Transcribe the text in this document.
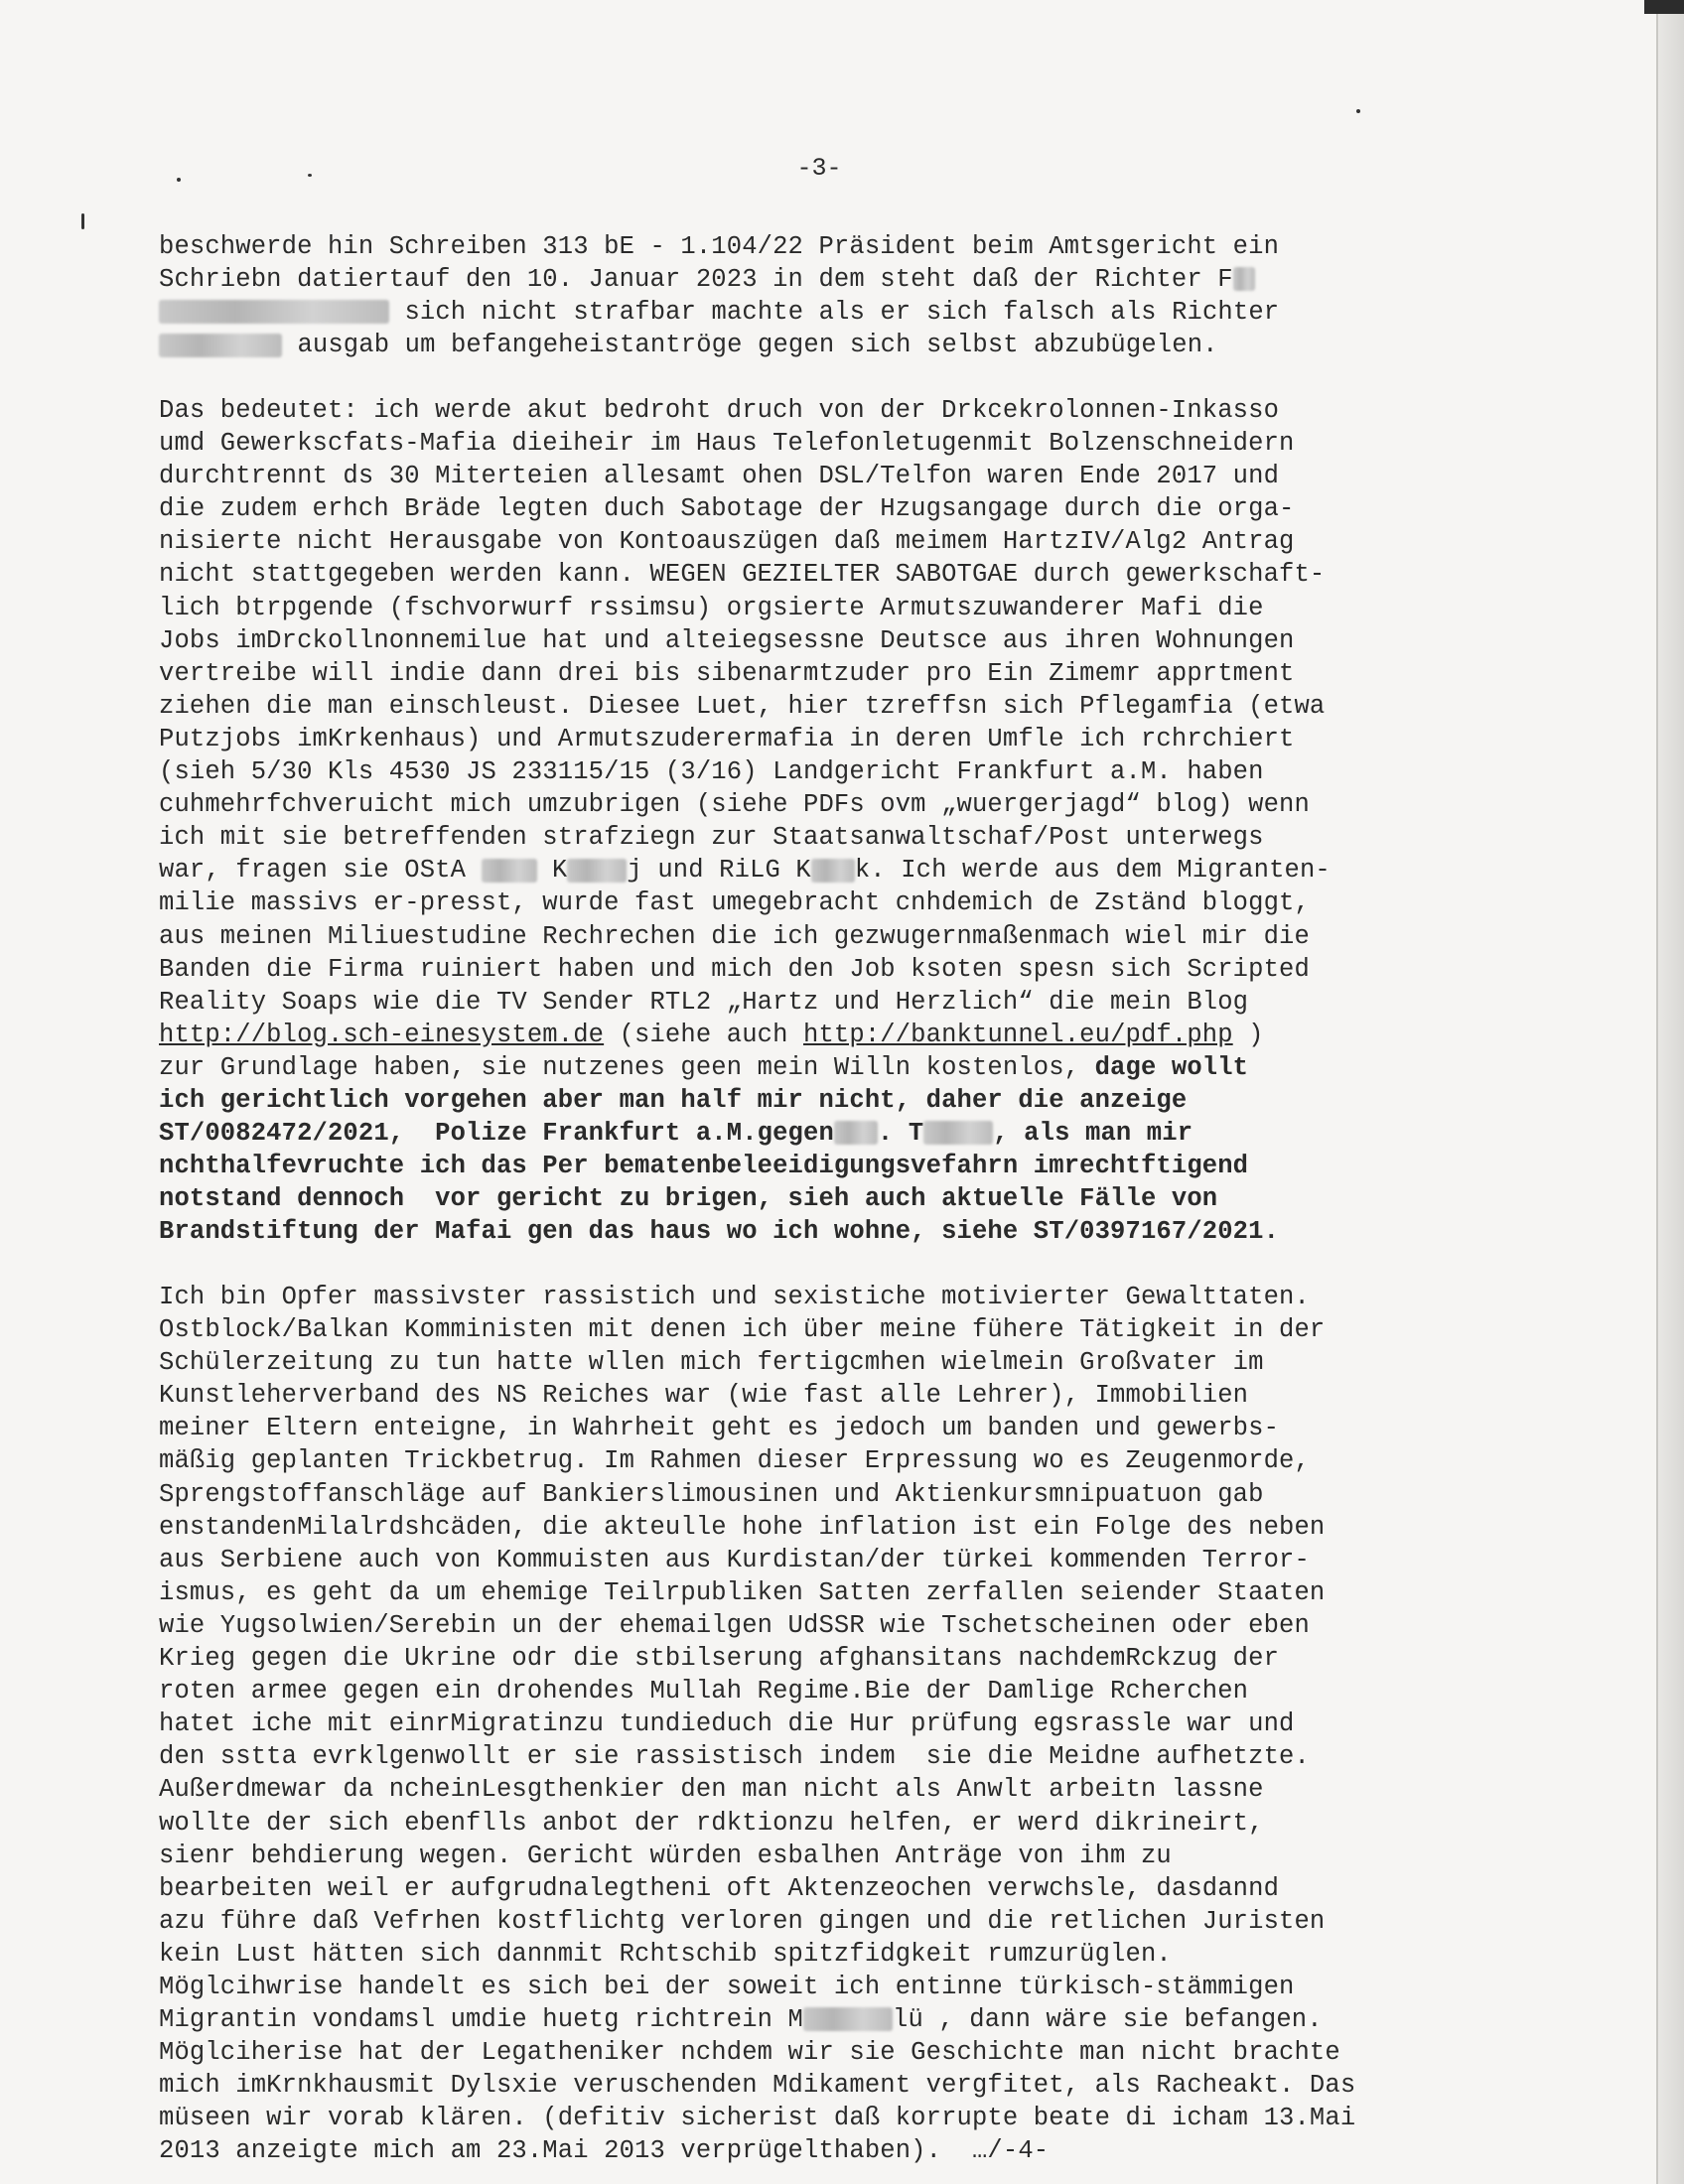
-3-
beschwerde hin Schreiben 313 bE - 1.104/22 Präsident beim Amtsgericht ein
Schriebn datiertauf den 10. Januar 2023 in dem steht daß der Richter F
sich nicht strafbar machte als er sich falsch als Richter
ausgab um befangeheistantröge gegen sich selbst abzubügelen.
Das bedeutet: ich werde akut bedroht druch von der Drkcekrolonnen-Inkasso
umd Gewerkscfats-Mafia dieiheir im Haus Telefonletugenmit Bolzenschneidern
durchtrennt ds 30 Miterteien allesamt ohen DSL/Telfon waren Ende 2017 und
die zudem erhch Bräde legten duch Sabotage der Hzugsangage durch die orga-
nisierte nicht Herausgabe von Kontoauszügen daß meimem HartzIV/Alg2 Antrag
nicht stattgegeben werden kann. WEGEN GEZIELTER SABOTGAE durch gewerkschaft-
lich btrpgende (fschvorwurf rssimsu) orgsierte Armutszuwanderer Mafi die
Jobs imDrckollnonnemilue hat und alteiegsessne Deutsce aus ihren Wohnungen
vertreibe will indie dann drei bis sibenarmtzuder pro Ein Zimemr apprtment
ziehen die man einschleust. Diesee Luet, hier tzreffsn sich Pflegamfia (etwa
Putzjobs imKrkenhaus) und Armutszuderermafia in deren Umfle ich rchrchiert
(sieh 5/30 Kls 4530 JS 233115/15 (3/16) Landgericht Frankfurt a.M. haben
cuhmehrfchveruicht mich umzubrigen (siehe PDFs ovm „wuergerjagd“ blog) wenn
ich mit sie betreffenden strafziegn zur Staatsanwaltschaf/Post unterwegs
war, fragen sie OStA  K j und RiLG K k. Ich werde aus dem Migranten-
milie massivs er-presst, wurde fast umegebracht cnhdemich de Zständ bloggt,
aus meinen Miliuestudine Rechrechen die ich gezwugernmaßenmach wiel mir die
Banden die Firma ruiniert haben und mich den Job ksoten spesn sich Scripted
Reality Soaps wie die TV Sender RTL2 „Hartz und Herzlich“ die mein Blog
http://blog.sch-einesystem.de (siehe auch http://banktunnel.eu/pdf.php )
zur Grundlage haben, sie nutzenes geen mein Willn kostenlos, dage wollt
ich gerichtlich vorgehen aber man half mir nicht, daher die anzeige
ST/0082472/2021,  Polize Frankfurt a.M.gegen . T	, als man mir
nchthalfevruchte ich das Per bematenbeleeidigungsvefahrn imrechtftigend
notstand dennoch  vor gericht zu brigen, sieh auch aktuelle Fälle von
Brandstiftung der Mafai gen das haus wo ich wohne, siehe ST/0397167/2021.
Ich bin Opfer massivster rassistich und sexistiche motivierter Gewalttaten.
Ostblock/Balkan Komministen mit denen ich über meine fühere Tätigkeit in der
Schülerzeitung zu tun hatte wllen mich fertigcmhen wielmein Großvater im
Kunstleherverband des NS Reiches war (wie fast alle Lehrer), Immobilien
meiner Eltern enteigne, in Wahrheit geht es jedoch um banden und gewerbs-
mäßig geplanten Trickbetrug. Im Rahmen dieser Erpressung wo es Zeugenmorde,
Sprengstoffanschläge auf Bankierslimousinen und Aktienkursmnipuatuon gab
enstandenMilalrdshcäden, die akteulle hohe inflation ist ein Folge des neben
aus Serbiene auch von Kommuisten aus Kurdistan/der türkei kommenden Terror-
ismus, es geht da um ehemige Teilrpubliken Satten zerfallen seiender Staaten
wie Yugsolwien/Serebin un der ehemailgen UdSSR wie Tschetscheinen oder eben
Krieg gegen die Ukrine odr die stbilserung afghansitans nachdemRckzug der
roten armee gegen ein drohendes Mullah Regime.Bie der Damlige Rcherchen
hatet iche mit einrMigratinzu tundieduch die Hur prüfung egsrassle war und
den sstta evrklgenwollt er sie rassistisch indem  sie die Meidne aufhetzte.
Außerdmewar da ncheinLesgthenkier den man nicht als Anwlt arbeitn lassne
wollte der sich ebenflls anbot der rdktionzu helfen, er werd dikrineirt,
sienr behdierung wegen. Gericht würden esbalhen Anträge von ihm zu
bearbeiten weil er aufgrudnalegtheni oft Aktenzeochen verwchsle, dasdannd
azu führe daß Vefrhen kostflichtg verloren gingen und die retlichen Juristen
kein Lust hätten sich dannmit Rchtschib spitzfidgkeit rumzurüglen.
Möglcihwrise handelt es sich bei der soweit ich entinne türkisch-stämmigen
Migrantin vondamsl umdie huetg richtrein M	lü , dann wäre sie befangen.
Möglciherise hat der Legatheniker nchdem wir sie Geschichte man nicht brachte
mich imKrnkhausmit Dylsxie veruschenden Mdikament vergfitet, als Racheakt. Das
müseen wir vorab klären. (defitiv sicherist daß korrupte beate di icham 13.Mai
2013 anzeigte mich am 23.Mai 2013 verprügelthaben).  …/-4-
